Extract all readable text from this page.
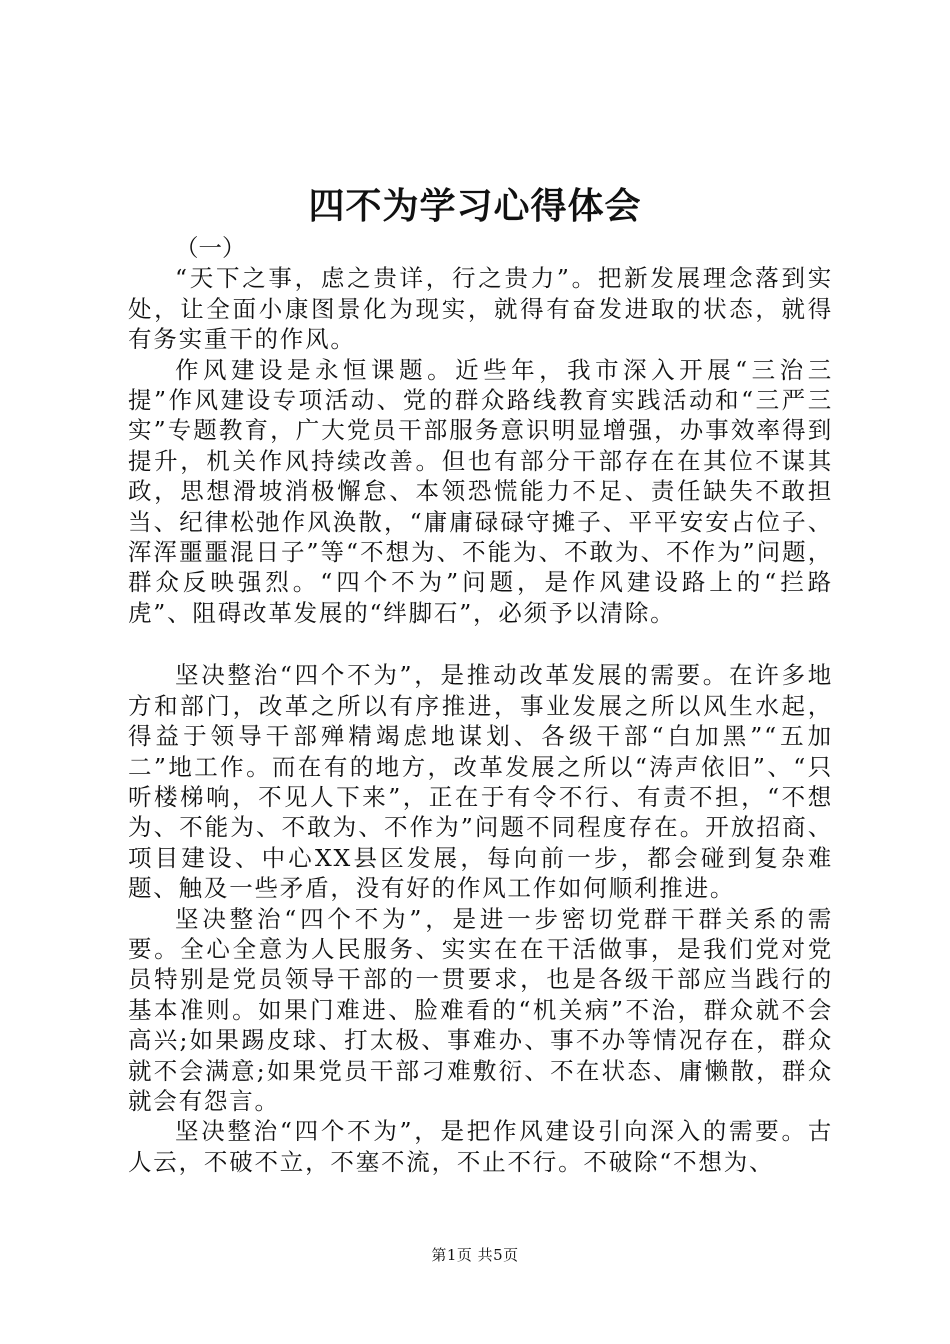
四不为学习心得体会

（一）

“天下之事，虑之贵详，行之贵力”。把新发展理念落到实处，让全面小康图景化为现实，就得有奋发进取的状态，就得有务实重干的作风。

作风建设是永恒课题。近些年，我市深入开展“三治三提”作风建设专项活动、党的群众路线教育实践活动和“三严三实”专题教育，广大党员干部服务意识明显增强，办事效率得到提升，机关作风持续改善。但也有部分干部存在在其位不谋其政，思想滑坡消极懈怠、本领恐慌能力不足、责任缺失不敢担当、纪律松弛作风涣散，“庸庸碌碌守摊子、平平安安占位子、浑浑噩噩混日子”等“不想为、不能为、不敢为、不作为”问题，群众反映强烈。“四个不为”问题，是作风建设路上的“拦路虎”、阻碍改革发展的“绊脚石”，必须予以清除。

坚决整治“四个不为”，是推动改革发展的需要。在许多地方和部门，改革之所以有序推进，事业发展之所以风生水起，得益于领导干部殚精竭虑地谋划、各级干部“白加黑”“五加二”地工作。而在有的地方，改革发展之所以“涛声依旧”、“只听楼梯响，不见人下来”，正在于有令不行、有责不担，“不想为、不能为、不敢为、不作为”问题不同程度存在。开放招商、项目建设、中心XX县区发展，每向前一步，都会碰到复杂难题、触及一些矛盾，没有好的作风工作如何顺利推进。

坚决整治“四个不为”，是进一步密切党群干群关系的需要。全心全意为人民服务、实实在在干活做事，是我们党对党员特别是党员领导干部的一贯要求，也是各级干部应当践行的基本准则。如果门难进、脸难看的“机关病”不治，群众就不会高兴;如果踢皮球、打太极、事难办、事不办等情况存在，群众就不会满意;如果党员干部刁难敷衍、不在状态、庸懒散，群众就会有怨言。

坚决整治“四个不为”，是把作风建设引向深入的需要。古人云，不破不立，不塞不流，不止不行。不破除“不想为、

第1页 共5页
